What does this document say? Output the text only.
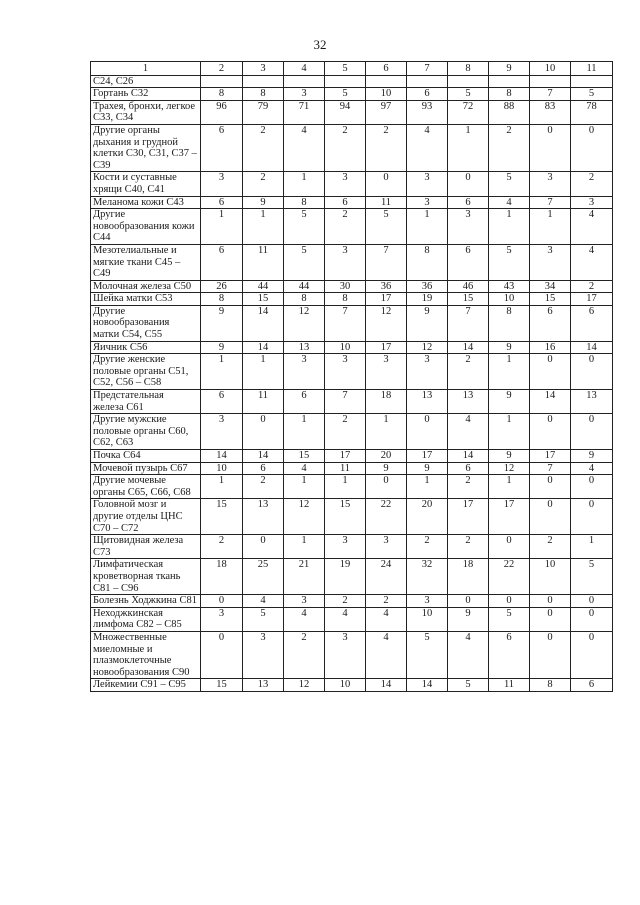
32
1	2	3	4	5	6	7	8	9	10	11
С24, С26										
Гортань С32	8	8	3	5	10	6	5	8	7	5
Трахея, бронхи, легкое С33, С34	96	79	71	94	97	93	72	88	83	78
Другие органы дыхания и грудной клетки С30, С31, С37 – С39	6	2	4	2	2	4	1	2	0	0
Кости и суставные хрящи С40, С41	3	2	1	3	0	3	0	5	3	2
Меланома кожи С43	6	9	8	6	11	3	6	4	7	3
Другие новообразования кожи С44	1	1	5	2	5	1	3	1	1	4
Мезотелиальные и мягкие ткани С45 – С49	6	11	5	3	7	8	6	5	3	4
Молочная железа С50	26	44	44	30	36	36	46	43	34	2
Шейка матки С53	8	15	8	8	17	19	15	10	15	17
Другие новообразования матки С54, С55	9	14	12	7	12	9	7	8	6	6
Яичник С56	9	14	13	10	17	12	14	9	16	14
Другие женские половые органы С51, С52, С56 – С58	1	1	3	3	3	3	2	1	0	0
Предстательная железа С61	6	11	6	7	18	13	13	9	14	13
Другие мужские половые органы С60, С62, С63	3	0	1	2	1	0	4	1	0	0
Почка С64	14	14	15	17	20	17	14	9	17	9
Мочевой пузырь С67	10	6	4	11	9	9	6	12	7	4
Другие мочевые органы С65, С66, С68	1	2	1	1	0	1	2	1	0	0
Головной мозг и другие отделы ЦНС С70 – С72	15	13	12	15	22	20	17	17	0	0
Щитовидная железа С73	2	0	1	3	3	2	2	0	2	1
Лимфатическая кроветворная ткань С81 – С96	18	25	21	19	24	32	18	22	10	5
Болезнь Ходжкина С81	0	4	3	2	2	3	0	0	0	0
Неходжкинская лимфома С82 – С85	3	5	4	4	4	10	9	5	0	0
Множественные миеломные и плазмоклеточные новообразования С90	0	3	2	3	4	5	4	6	0	0
Лейкемии С91 – С95	15	13	12	10	14	14	5	11	8	6
